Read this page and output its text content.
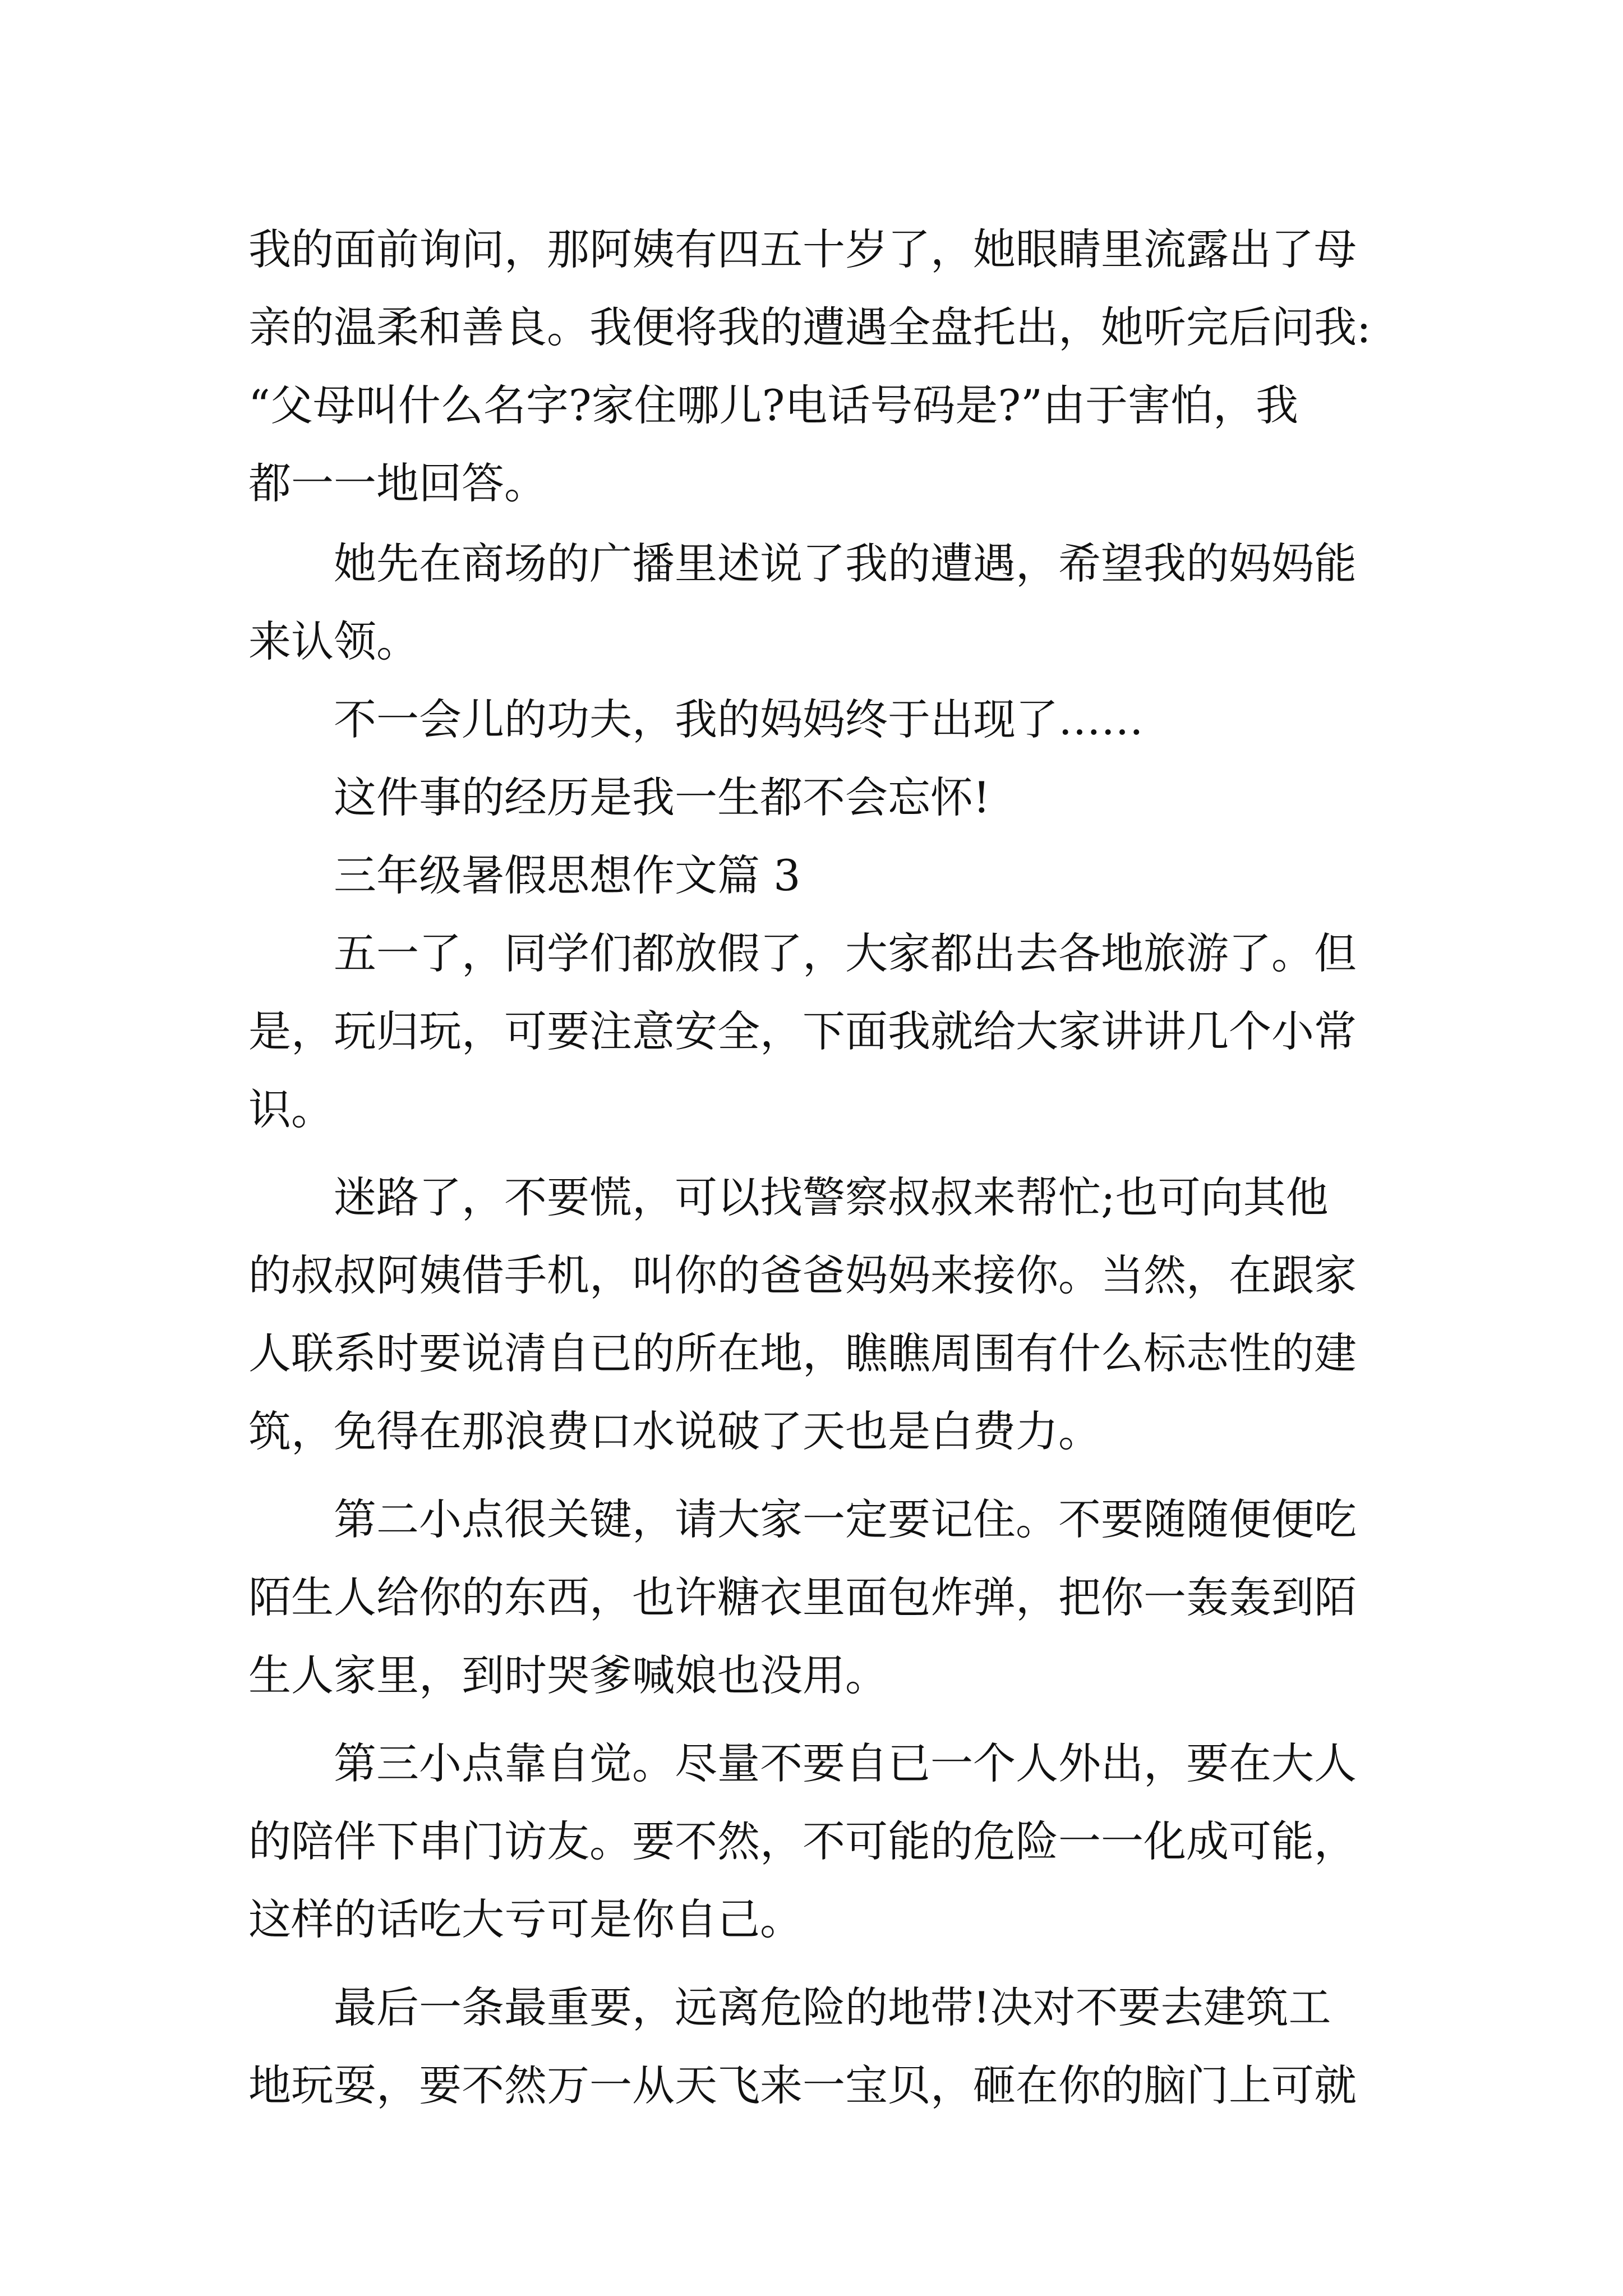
我的面前询问，那阿姨有四五十岁了，她眼睛里流露出了母
亲的温柔和善良。我便将我的遭遇全盘托出，她听完后问我:
“父母叫什么名字?家住哪儿?电话号码是?”由于害怕，我
都一一地回答。
她先在商场的广播里述说了我的遭遇，希望我的妈妈能
来认领。
不一会儿的功夫，我的妈妈终于出现了……
这件事的经历是我一生都不会忘怀!
三年级暑假思想作文篇 3
五一了，同学们都放假了，大家都出去各地旅游了。但
是，玩归玩，可要注意安全，下面我就给大家讲讲几个小常
识。
迷路了，不要慌，可以找警察叔叔来帮忙;也可向其他
的叔叔阿姨借手机，叫你的爸爸妈妈来接你。当然，在跟家
人联系时要说清自已的所在地，瞧瞧周围有什么标志性的建
筑，免得在那浪费口水说破了天也是白费力。
第二小点很关键，请大家一定要记住。不要随随便便吃
陌生人给你的东西，也许糖衣里面包炸弹，把你一轰轰到陌
生人家里，到时哭爹喊娘也没用。
第三小点靠自觉。尽量不要自已一个人外出，要在大人
的陪伴下串门访友。要不然，不可能的危险一一化成可能，
这样的话吃大亏可是你自己。
最后一条最重要，远离危险的地带!决对不要去建筑工
地玩耍，要不然万一从天飞来一宝贝，砸在你的脑门上可就
